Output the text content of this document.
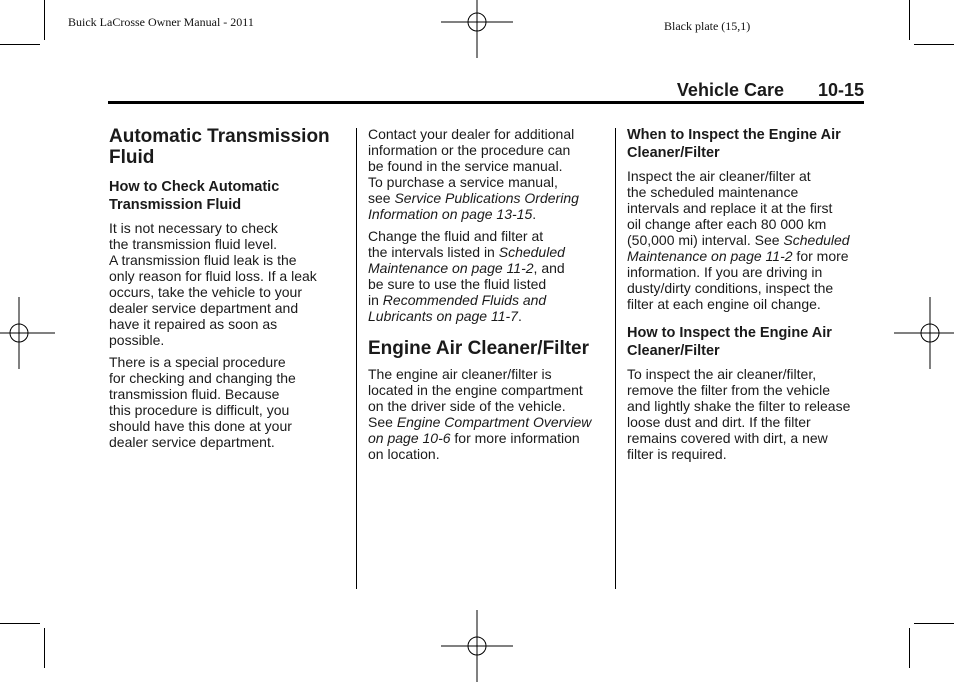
Buick LaCrosse Owner Manual - 2011	Black plate (15,1)
Vehicle Care 10-15
Automatic Transmission Fluid
How to Check Automatic Transmission Fluid

It is not necessary to check
the transmission fluid level.
A transmission fluid leak is the
only reason for fluid loss. If a leak
occurs, take the vehicle to your
dealer service department and
have it repaired as soon as
possible.

There is a special procedure
for checking and changing the
transmission fluid. Because
this procedure is difficult, you
should have this done at your
dealer service department.

Contact your dealer for additional
information or the procedure can
be found in the service manual.
To purchase a service manual,
see Service Publications Ordering
Information on page 13-15.

Change the fluid and filter at
the intervals listed in Scheduled
Maintenance on page 11-2, and
be sure to use the fluid listed
in Recommended Fluids and
Lubricants on page 11-7.

Engine Air Cleaner/Filter

The engine air cleaner/filter is
located in the engine compartment
on the driver side of the vehicle.
See Engine Compartment Overview
on page 10-6 for more information
on location.

When to Inspect the Engine Air Cleaner/Filter

Inspect the air cleaner/filter at
the scheduled maintenance
intervals and replace it at the first
oil change after each 80 000 km
(50,000 mi) interval. See Scheduled
Maintenance on page 11-2 for more
information. If you are driving in
dusty/dirty conditions, inspect the
filter at each engine oil change.

How to Inspect the Engine Air Cleaner/Filter

To inspect the air cleaner/filter,
remove the filter from the vehicle
and lightly shake the filter to release
loose dust and dirt. If the filter
remains covered with dirt, a new
filter is required.
